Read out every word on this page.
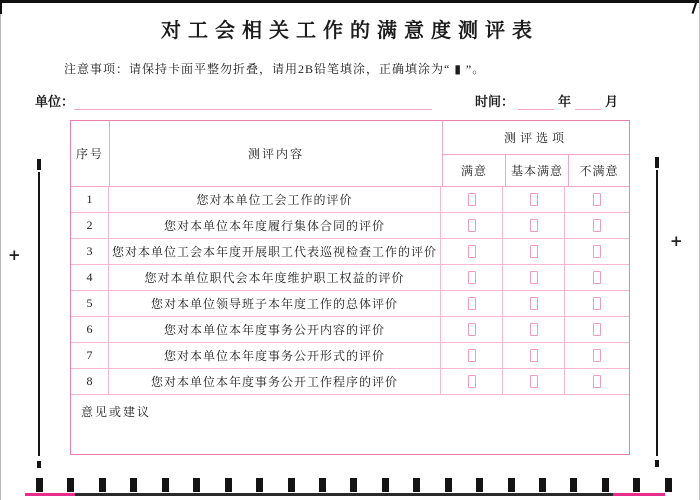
对工会相关工作的满意度测评表
注意事项：请保持卡面平整勿折叠，请用2B铅笔填涂，正确填涂为“ ▮ ”。
单位：	时间：	年	月
序号	测评内容
测评选项
满意	基本满意	不满意
1	您对本单位工会工作的评价
2	您对本单位本年度履行集体合同的评价
3	您对本单位工会本年度开展职工代表巡视检查工作的评价
4	您对本单位职代会本年度维护职工权益的评价
5	您对本单位领导班子本年度工作的总体评价
6	您对本单位本年度事务公开内容的评价
7	您对本单位本年度事务公开形式的评价
8	您对本单位本年度事务公开工作程序的评价
意见或建议
+
+
